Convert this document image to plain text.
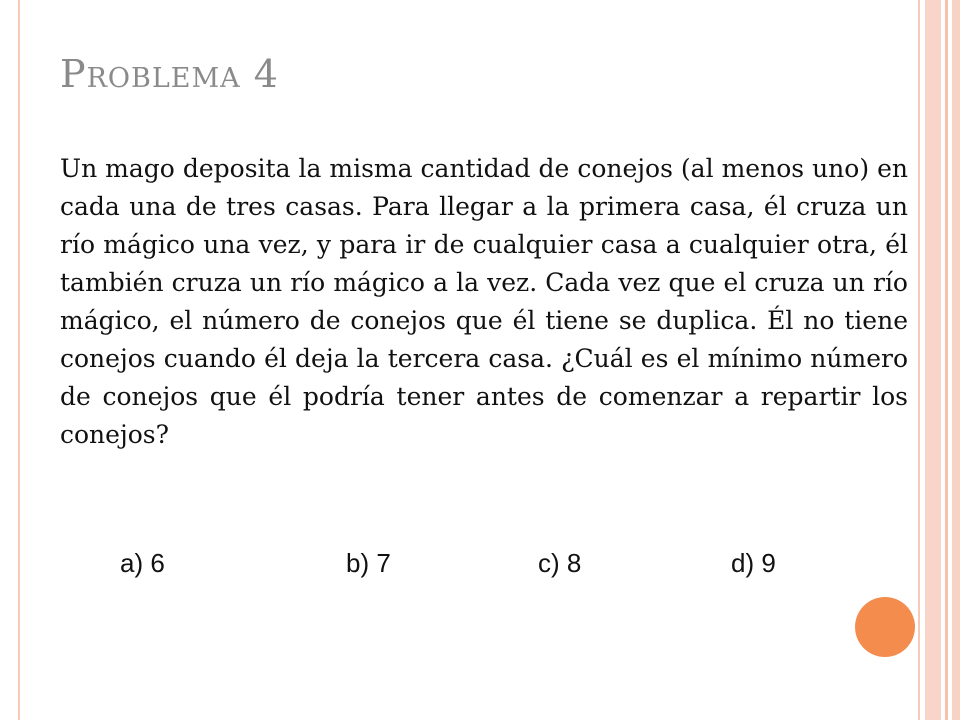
Problema 4

Un mago deposita la misma cantidad de conejos (al menos uno) en cada una de tres casas. Para llegar a la primera casa, él cruza un río mágico una vez, y para ir de cualquier casa a cualquier otra, él también cruza un río mágico a la vez. Cada vez que el cruza un río mágico, el número de conejos que él tiene se duplica. Él no tiene conejos cuando él deja la tercera casa. ¿Cuál es el mínimo número de conejos que él podría tener antes de comenzar a repartir los conejos?

a) 6	b) 7	c) 8	d) 9
